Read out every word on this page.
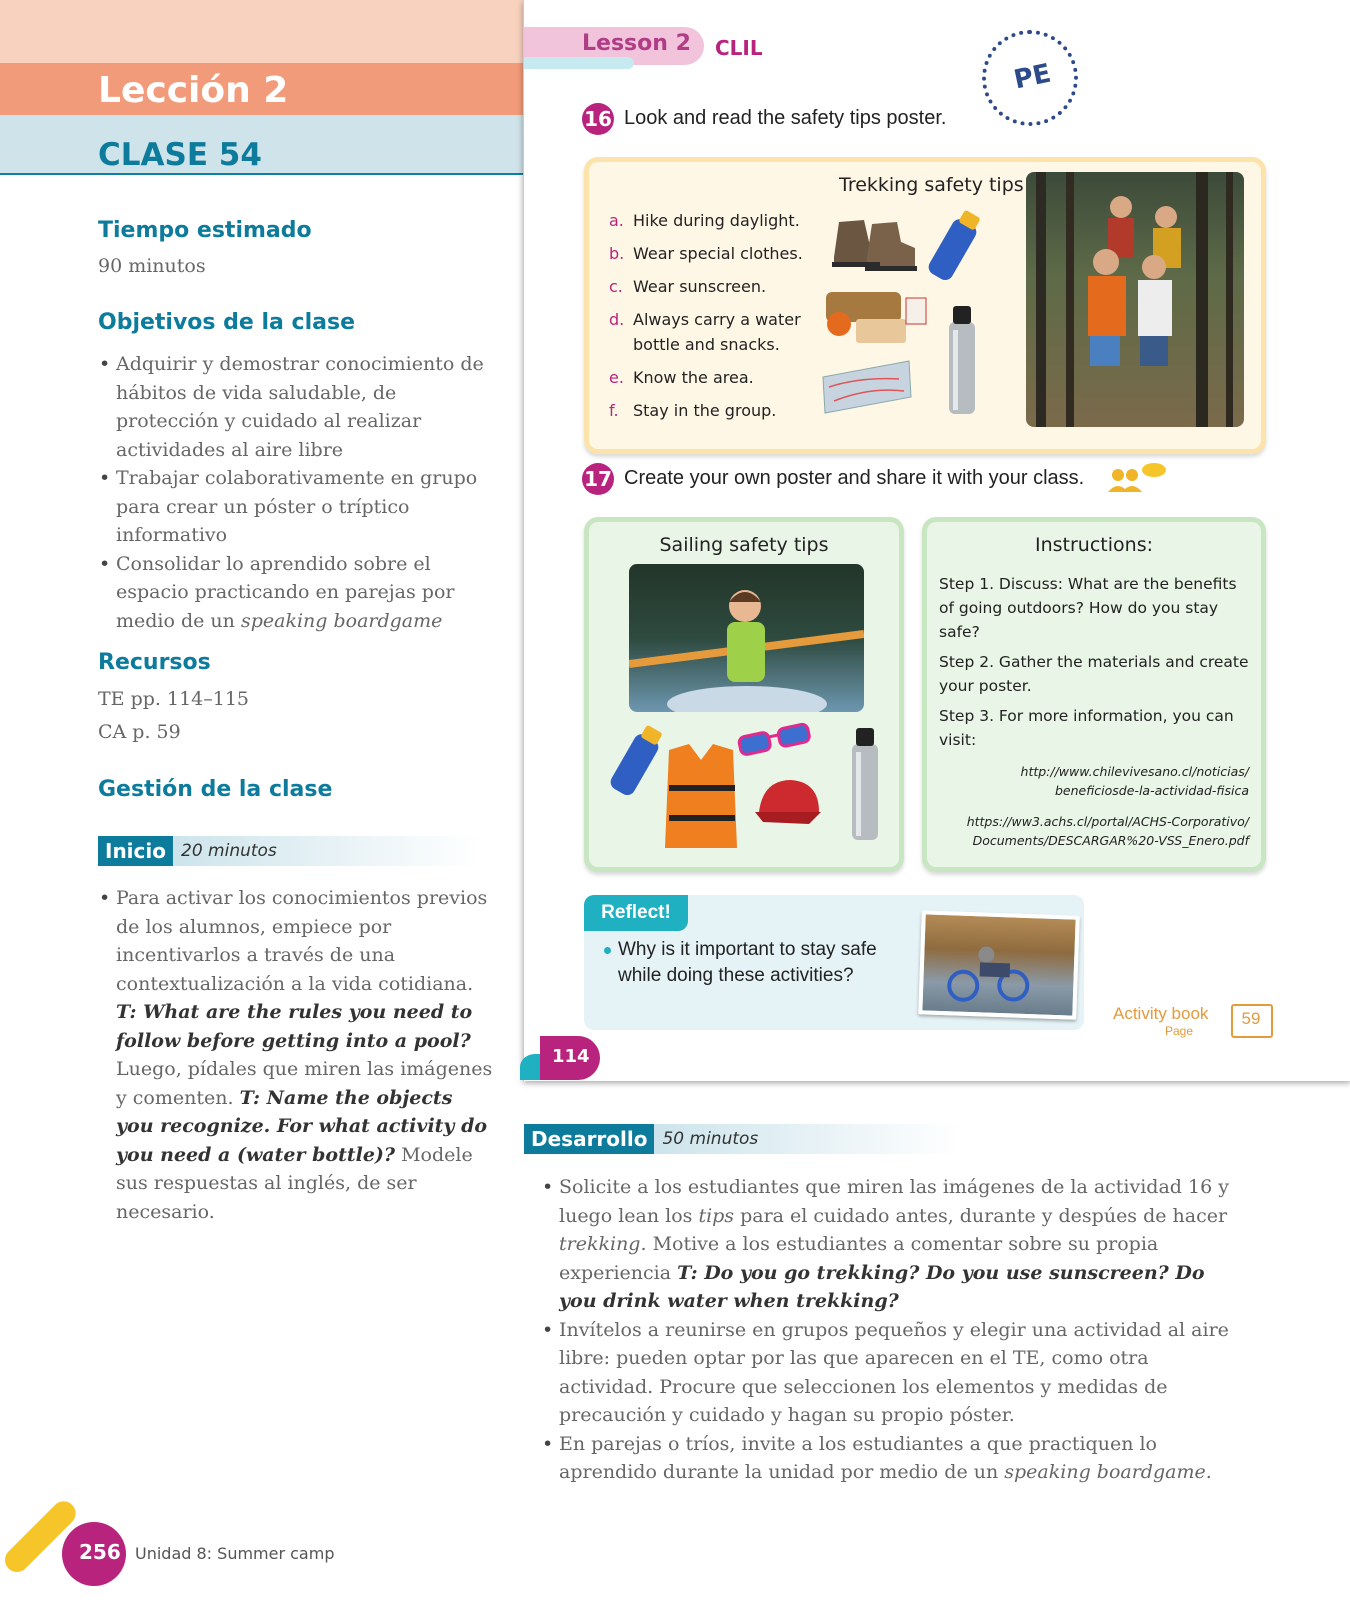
Lección 2
CLASE 54
Tiempo estimado
90 minutos
Objetivos de la clase
• Adquirir y demostrar conocimiento de hábitos de vida saludable, de protección y cuidado al realizar actividades al aire libre
• Trabajar colaborativamente en grupo para crear un póster o tríptico informativo
• Consolidar lo aprendido sobre el espacio practicando en parejas por medio de un speaking boardgame
Recursos
TE pp. 114–115
CA p. 59
Gestión de la clase
Inicio 20 minutos
• Para activar los conocimientos previos de los alumnos, empiece por incentivarlos a través de una contextualización a la vida cotidiana. T: What are the rules you need to follow before getting into a pool? Luego, pídales que miren las imágenes y comenten. T: Name the objects you recognize. For what activity do you need a (water bottle)? Modele sus respuestas al inglés, de ser necesario.
Lesson 2 CLIL
PE
16 Look and read the safety tips poster.
Trekking safety tips
a. Hike during daylight.
b. Wear special clothes.
c. Wear sunscreen.
d. Always carry a water bottle and snacks.
e. Know the area.
f. Stay in the group.
17 Create your own poster and share it with your class.
Sailing safety tips	Instructions:

Step 1. Discuss: What are the benefits of going outdoors? How do you stay safe?

Step 2. Gather the materials and create your poster.

Step 3. For more information, you can visit:

http://www.chilevivesano.cl/noticias/
beneficiosde-la-actividad-fisica
https://ww3.achs.cl/portal/ACHS-Corporativo/
Documents/DESCARGAR%20-VSS_Enero.pdf
Reflect!
Why is it important to stay safe while doing these activities?
Activity book
Page
59
114
Desarrollo 50 minutos
• Solicite a los estudiantes que miren las imágenes de la actividad 16 y luego lean los tips para el cuidado antes, durante y despúes de hacer trekking. Motive a los estudiantes a comentar sobre su propia experiencia T: Do you go trekking? Do you use sunscreen? Do you drink water when trekking?
• Invítelos a reunirse en grupos pequeños y elegir una actividad al aire libre: pueden optar por las que aparecen en el TE, como otra actividad. Procure que seleccionen los elementos y medidas de precaución y cuidado y hagan su propio póster.
• En parejas o tríos, invite a los estudiantes a que practiquen lo aprendido durante la unidad por medio de un speaking boardgame.
256 Unidad 8: Summer camp
